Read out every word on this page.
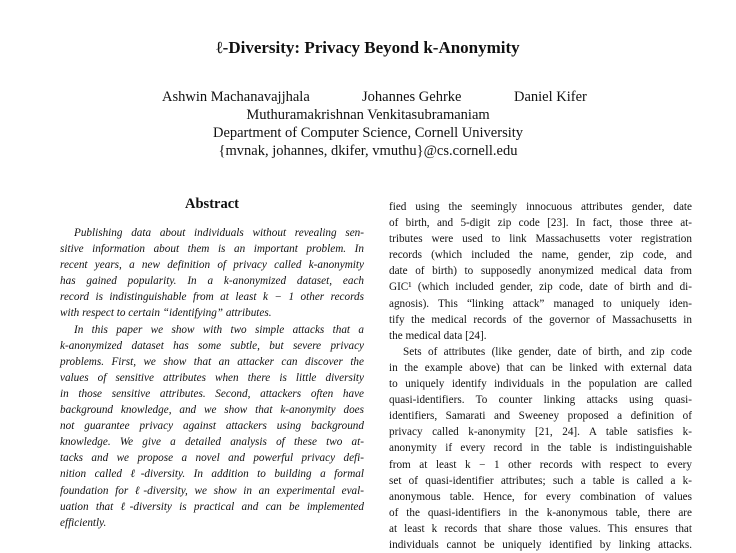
ℓ-Diversity: Privacy Beyond k-Anonymity
Ashwin Machanavajjhala	Johannes Gehrke	Daniel Kifer
Muthuramakrishnan Venkitasubramaniam
Department of Computer Science, Cornell University
{mvnak, johannes, dkifer, vmuthu}@cs.cornell.edu
Abstract
Publishing data about individuals without revealing sen-
sitive information about them is an important problem. In
recent years, a new definition of privacy called k-anonymity
has gained popularity. In a k-anonymized dataset, each
record is indistinguishable from at least k − 1 other records
with respect to certain “identifying” attributes.
In this paper we show with two simple attacks that a
k-anonymized dataset has some subtle, but severe privacy
problems. First, we show that an attacker can discover the
values of sensitive attributes when there is little diversity
in those sensitive attributes. Second, attackers often have
background knowledge, and we show that k-anonymity does
not guarantee privacy against attackers using background
knowledge. We give a detailed analysis of these two at-
tacks and we propose a novel and powerful privacy defi-
nition called ℓ-diversity. In addition to building a formal
foundation for ℓ-diversity, we show in an experimental eval-
uation that ℓ-diversity is practical and can be implemented
efficiently.
fied using the seemingly innocuous attributes gender, date
of birth, and 5-digit zip code [23]. In fact, those three at-
tributes were used to link Massachusetts voter registration
records (which included the name, gender, zip code, and
date of birth) to supposedly anonymized medical data from
GIC¹ (which included gender, zip code, date of birth and di-
agnosis). This “linking attack” managed to uniquely iden-
tify the medical records of the governor of Massachusetts in
the medical data [24].
Sets of attributes (like gender, date of birth, and zip code
in the example above) that can be linked with external data
to uniquely identify individuals in the population are called
quasi-identifiers. To counter linking attacks using quasi-
identifiers, Samarati and Sweeney proposed a definition of
privacy called k-anonymity [21, 24]. A table satisfies k-
anonymity if every record in the table is indistinguishable
from at least k − 1 other records with respect to every
set of quasi-identifier attributes; such a table is called a k-
anonymous table. Hence, for every combination of values
of the quasi-identifiers in the k-anonymous table, there are
at least k records that share those values. This ensures that
individuals cannot be uniquely identified by linking attacks.
